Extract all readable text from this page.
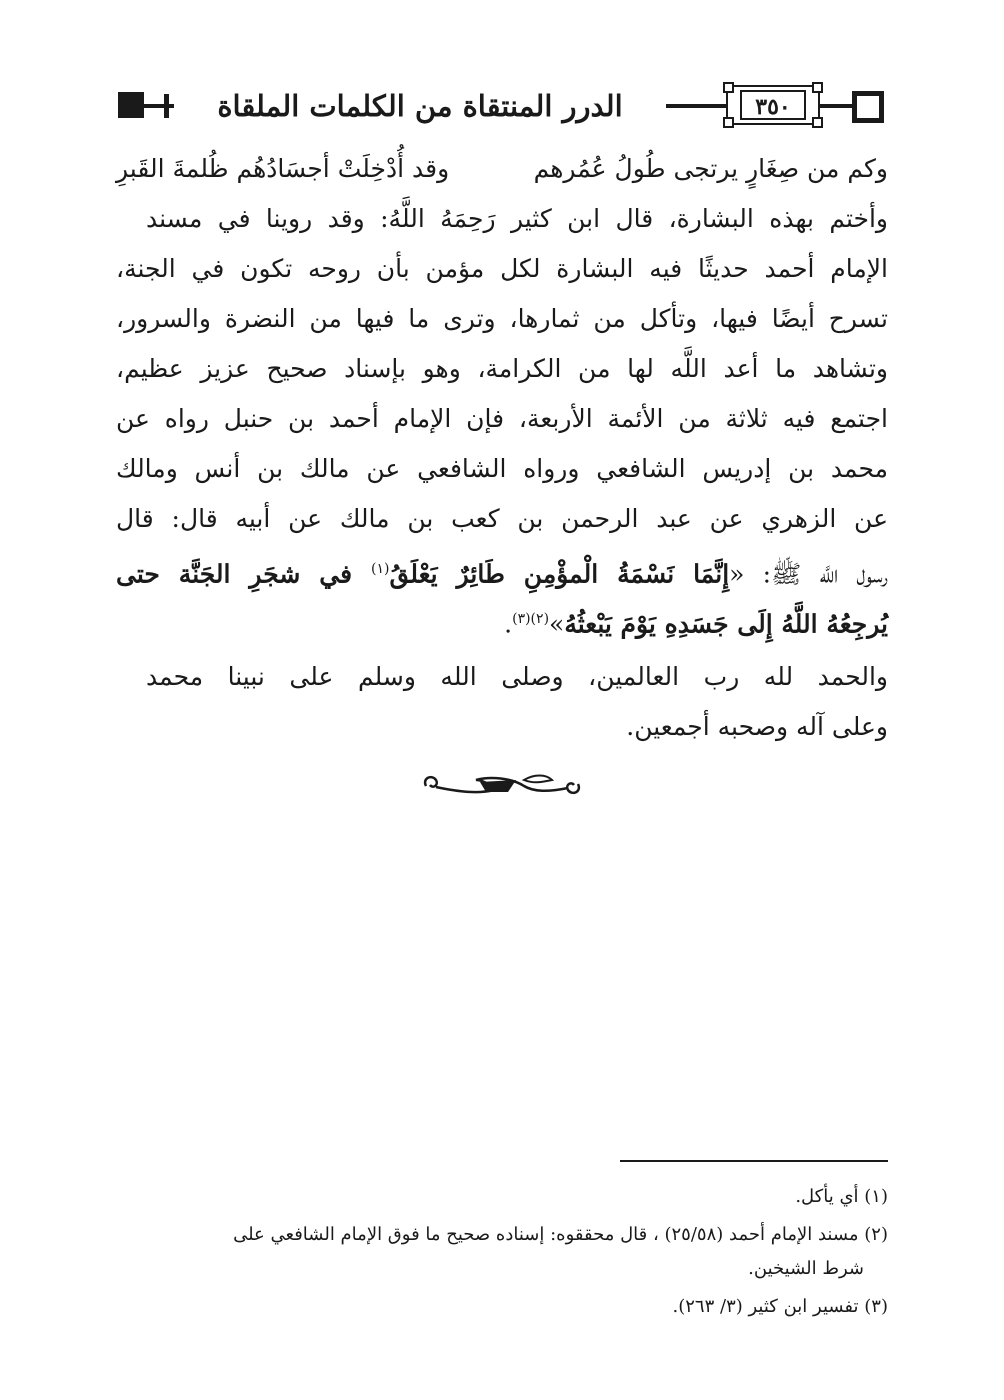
الدرر المنتقاة من الكلمات الملقاة	٣٥٠
وكم من صِغَارٍ يرتجى طُولُ عُمُرهم
وقد أُدْخِلَتْ أجسَادُهُم ظُلمةَ القَبرِ
وأختم بهذه البشارة، قال ابن كثير رَحِمَهُ اللَّهُ: وقد روينا في مسند
الإمام أحمد حديثًا فيه البشارة لكل مؤمن بأن روحه تكون في الجنة،
تسرح أيضًا فيها، وتأكل من ثمارها، وترى ما فيها من النضرة والسرور،
وتشاهد ما أعد اللَّه لها من الكرامة، وهو بإسناد صحيح عزيز عظيم،
اجتمع فيه ثلاثة من الأئمة الأربعة، فإن الإمام أحمد بن حنبل رواه عن
محمد بن إدريس الشافعي ورواه الشافعي عن مالك بن أنس ومالك
عن الزهري عن عبد الرحمن بن كعب بن مالك عن أبيه قال: قال
رسول اللَّه ﷺ: «إِنَّمَا نَسْمَةُ الْمؤْمِنِ طَائِرٌ يَعْلَقُ$^{(١)}$ في شجَرِ الجَنَّة حتى
يُرجِعُهُ اللَّهُ إِلَى جَسَدِهِ يَوْمَ يَبْعثُهُ»$^{(٢)(٣)}$.
والحمد لله رب العالمين، وصلى الله وسلم على نبينا محمد
وعلى آله وصحبه أجمعين.
(١) أي يأكل.
(٢) مسند الإمام أحمد (٢٥/٥٨) ، قال محققوه: إسناده صحيح ما فوق الإمام الشافعي على
شرط الشيخين.
(٣) تفسير ابن كثير (٣/ ٢٦٣).
